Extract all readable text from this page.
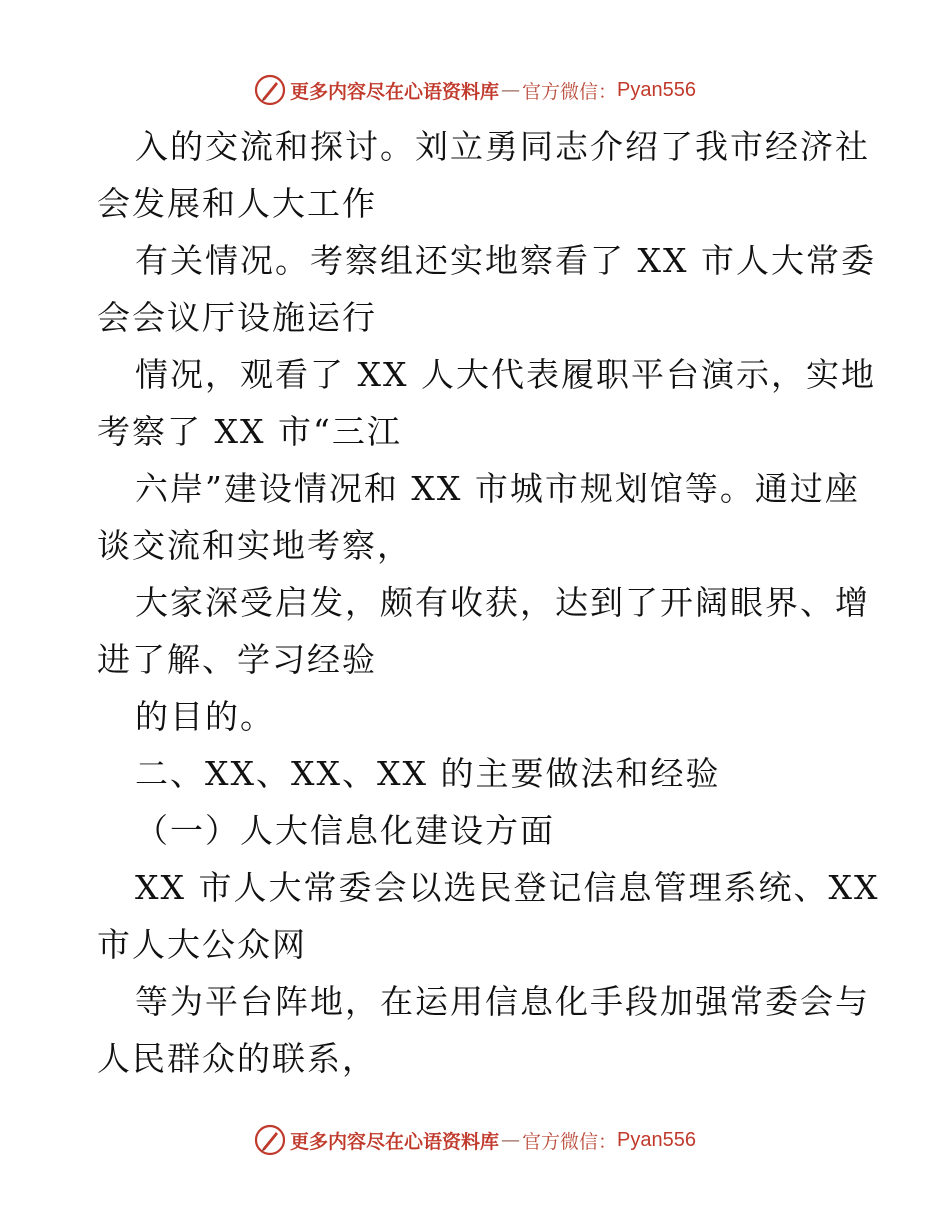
更多内容尽在心语资料库 — 官方微信： Pyan556
入的交流和探讨。刘立勇同志介绍了我市经济社
会发展和人大工作
有关情况。考察组还实地察看了 XX 市人大常委
会会议厅设施运行
情况，观看了 XX 人大代表履职平台演示，实地
考察了 XX 市“三江
六岸”建设情况和 XX 市城市规划馆等。通过座
谈交流和实地考察，
大家深受启发，颇有收获，达到了开阔眼界、增
进了解、学习经验
的目的。
二、XX、XX、XX 的主要做法和经验
（一）人大信息化建设方面
XX 市人大常委会以选民登记信息管理系统、XX
市人大公众网
等为平台阵地，在运用信息化手段加强常委会与
人民群众的联系，
更多内容尽在心语资料库 — 官方微信： Pyan556
